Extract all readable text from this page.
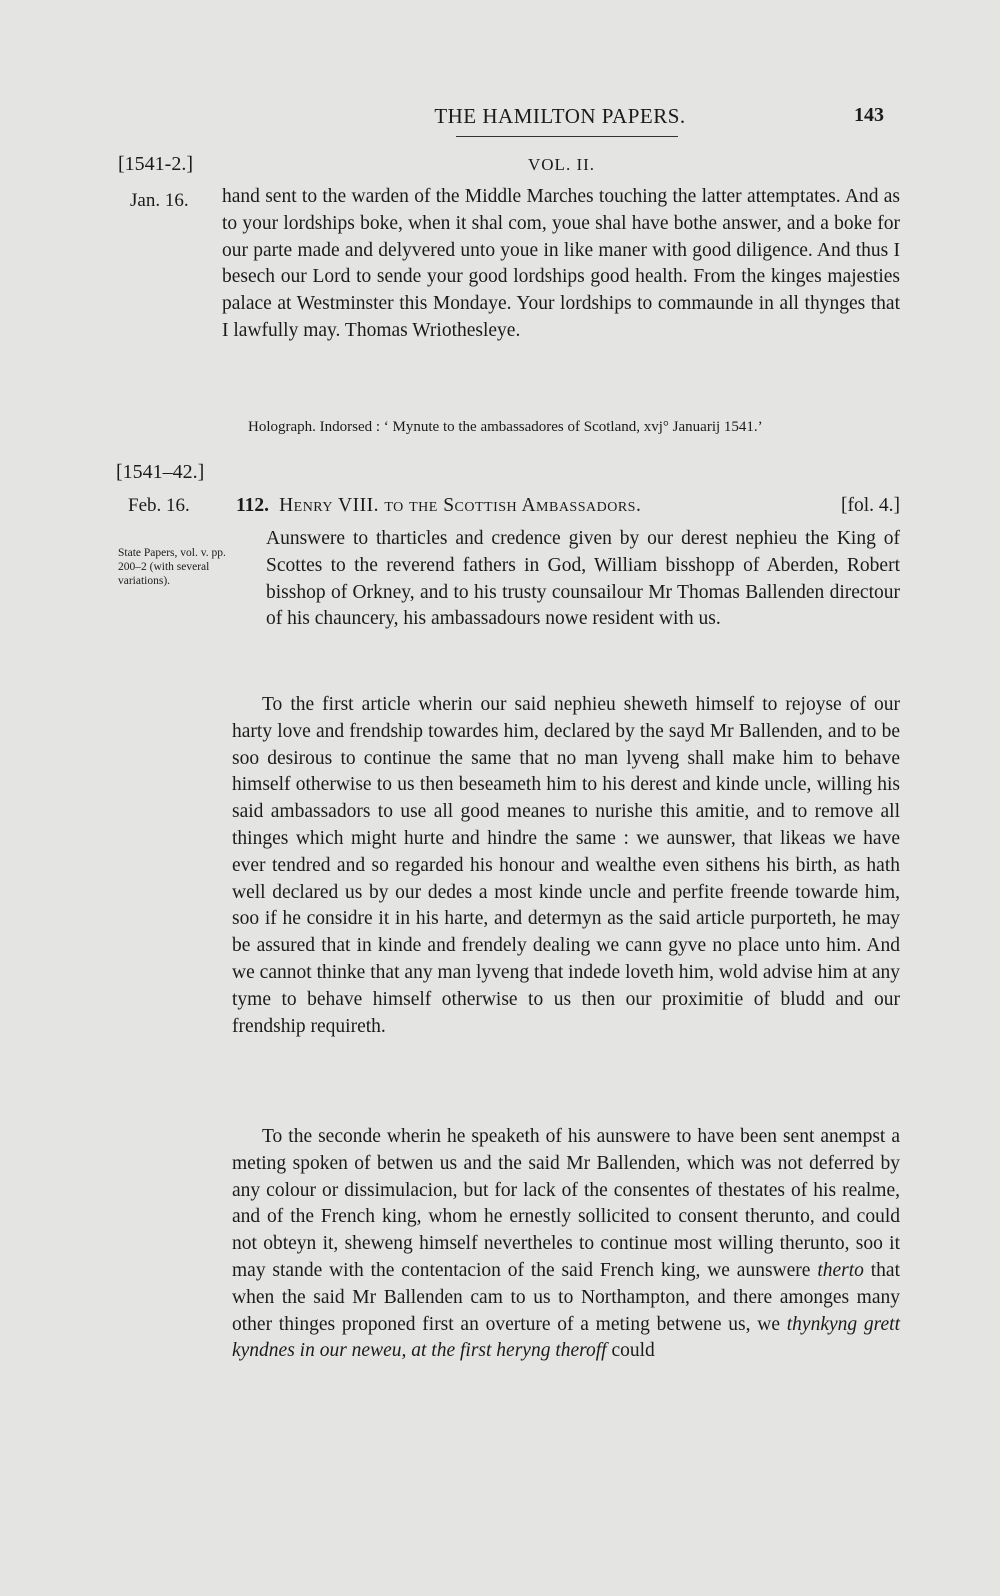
THE HAMILTON PAPERS.	143
[1541-2.]	VOL. II.
Jan. 16. hand sent to the warden of the Middle Marches touching the latter attemptates. And as to your lordships boke, when it shal com, youe shal have bothe answer, and a boke for our parte made and delyvered unto youe in like maner with good diligence. And thus I besech our Lord to sende your good lordships good health. From the kinges majesties palace at Westminster this Mondaye. Your lordships to commaunde in all thynges that I lawfully may. Thomas Wriothesleye.

Holograph. Indorsed : ‘ Mynute to the ambassadores of Scotland, xvj° Januarij 1541.’
[1541–42.]
Feb. 16. 112. Henry VIII. to the Scottish Ambassadors.	[fol. 4.]
State Papers, vol. v. pp. 200–2 (with several variations).

Aunswere to tharticles and credence given by our derest nephieu the King of Scottes to the reverend fathers in God, William bisshopp of Aberden, Robert bisshop of Orkney, and to his trusty counsailour Mr Thomas Ballenden directour of his chauncery, his ambassadours nowe resident with us.

To the first article wherin our said nephieu sheweth himself to rejoyse of our harty love and frendship towardes him, declared by the sayd Mr Ballenden, and to be soo desirous to continue the same that no man lyveng shall make him to behave himself otherwise to us then beseameth him to his derest and kinde uncle, willing his said ambassadors to use all good meanes to nurishe this amitie, and to remove all thinges which might hurte and hindre the same : we aunswer, that likeas we have ever tendred and so regarded his honour and wealthe even sithens his birth, as hath well declared us by our dedes a most kinde uncle and perfite freende towarde him, soo if he considre it in his harte, and determyn as the said article purporteth, he may be assured that in kinde and frendely dealing we cann gyve no place unto him. And we cannot thinke that any man lyveng that indede loveth him, wold advise him at any tyme to behave himself otherwise to us then our proximitie of bludd and our frendship requireth.

To the seconde wherin he speaketh of his aunswere to have been sent anempst a meting spoken of betwen us and the said Mr Ballenden, which was not deferred by any colour or dissimulacion, but for lack of the consentes of thestates of his realme, and of the French king, whom he ernestly sollicited to consent therunto, and could not obteyn it, sheweng himself nevertheles to continue most willing therunto, soo it may stande with the contentacion of the said French king, we aunswere therto that when the said Mr Ballenden cam to us to Northampton, and there amonges many other thinges proponed first an overture of a meting betwene us, we thynkyng grett kyndnes in our neweu, at the first heryng theroff could
